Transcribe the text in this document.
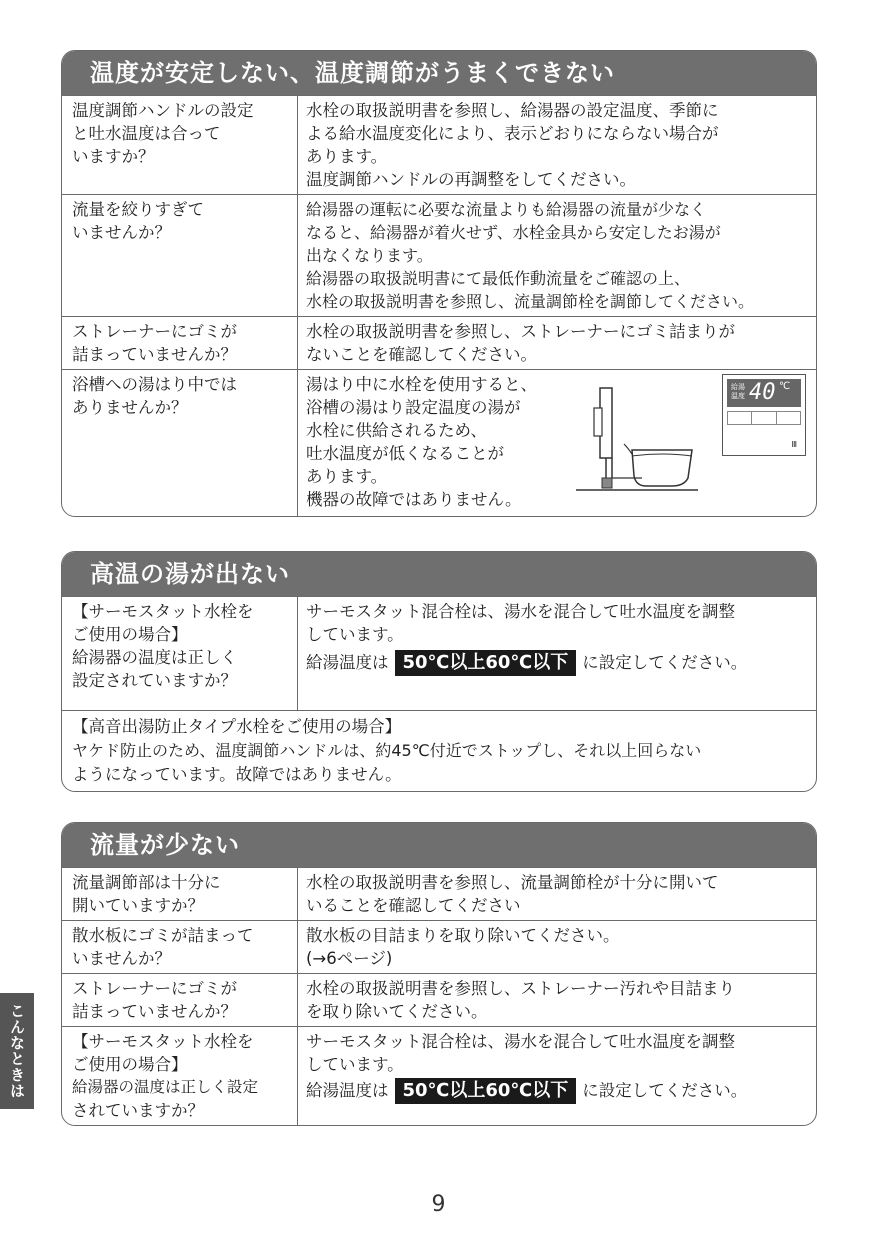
温度が安定しない、温度調節がうまくできない
温度調節ハンドルの設定
と吐水温度は合って
いますか？
水栓の取扱説明書を参照し、給湯器の設定温度、季節に
よる給水温度変化により、表示どおりにならない場合が
あります。
温度調節ハンドルの再調整をしてください。
流量を絞りすぎて
いませんか？
給湯器の運転に必要な流量よりも給湯器の流量が少なく
なると、給湯器が着火せず、水栓金具から安定したお湯が
出なくなります。
給湯器の取扱説明書にて最低作動流量をご確認の上、
水栓の取扱説明書を参照し、流量調節栓を調節してください。
ストレーナーにゴミが
詰まっていませんか？
水栓の取扱説明書を参照し、ストレーナーにゴミ詰まりが
ないことを確認してください。
浴槽への湯はり中では
ありませんか？
湯はり中に水栓を使用すると、
浴槽の湯はり設定温度の湯が
水栓に供給されるため、
吐水温度が低くなることが
あります。
機器の故障ではありません。
給湯 温度 40 ℃
Ⅲ
高温の湯が出ない
【サーモスタット水栓を
ご使用の場合】
給湯器の温度は正しく
設定されていますか？
サーモスタット混合栓は、湯水を混合して吐水温度を調整
しています。
給湯温度は 50℃以上60℃以下 に設定してください。
【高音出湯防止タイプ水栓をご使用の場合】
ヤケド防止のため、温度調節ハンドルは、約45℃付近でストップし、それ以上回らない
ようになっています。故障ではありません。
流量が少ない
流量調節部は十分に
開いていますか？
水栓の取扱説明書を参照し、流量調節栓が十分に開いて
いることを確認してください
散水板にゴミが詰まって
いませんか？
散水板の目詰まりを取り除いてください。
(→6ページ)
ストレーナーにゴミが
詰まっていませんか？
水栓の取扱説明書を参照し、ストレーナー汚れや目詰まり
を取り除いてください。
【サーモスタット水栓を
ご使用の場合】
給湯器の温度は正しく設定
されていますか？
サーモスタット混合栓は、湯水を混合して吐水温度を調整
しています。
給湯温度は 50℃以上60℃以下 に設定してください。
こんなときは
9
